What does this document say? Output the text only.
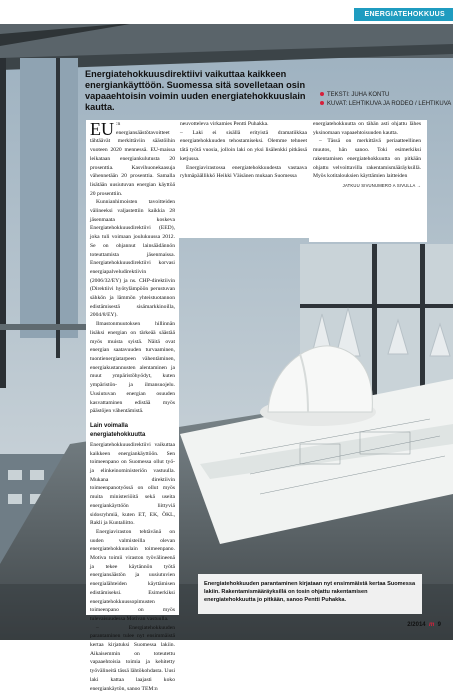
ENERGIATEHOKKUUS
Energiatehokkuusdirektiivi vaikuttaa kaikkeen energiankäyttöön. Suomessa sitä sovelletaan osin vapaaehtoisin voimin uuden energiatehokkuuslain kautta.
TEKSTI: JUHA KONTU
KUVAT: LEHTIKUVA JA RODEO / LEHTIKUVA

EU :n energiansäästötavoitteet tähtäävät merkittäviin säästöihin vuoteen 2020 mennessä. EU-maissa leikataan energiankulutusta 20 prosenttia. Kasvihuonekaasuja vähennetään 20 prosenttia. Samalla lisätään uusiutuvan energian käyttöä 20 prosenttiin.

Kunnianhimoisten tavoitteiden välineeksi valjastettiin kaikkia 28 jäsenmaata koskeva Energiatehokkuusdirektiivi (EED), joka tuli voimaan joulukuussa 2012. Se on ohjannut lainsäädännön toteuttamista jäsenmaissa. Energiatehokkuusdirektiivi korvasi energiapalveludirektiivin (2006/32/EY) ja ns. CHP-direktiivin (Direktiivi hyötylämpöön perustuvan sähkön ja lämmön yhteistuotannon edistämisestä sisämarkkinoilla, 2004/8/EY).

Ilmastonmuutoksen hillinnän lisäksi energian on tärkeää säästää myös muista syistä. Näitä ovat energian saatavuuden turvaaminen, tuontienergiatarpeen vähentäminen, energiakustannusten alentaminen ja muut ympäristöhyödyt, kuten ympäristön- ja ilmansuojelu. Uusiutuvan energian osuuden kasvattaminen edistää myös päästöjen vähentämistä.

Lain voimalla energiatehokkuutta

Energiatehokkuusdirektiivi vaikuttaa kaikkeen energiankäyttöön. Sen toimeenpano on Suomessa ollut työ- ja elinkeinoministeriön vastuulla. Mukana direktiivin toimeenpanotyössä on ollut myös muita ministeriöitä sekä useita energiankäyttöön liittyviä sidosryhmiä, kuten ET, EK, ÖKL, Rakli ja Kuntaliitto.

Energiaviraston tehtävänä on uuden valmisteilla olevan energiatehokkuuslain toimeenpano. Motiva toimii viraston työvälineenä ja tekee käytännön työtä energiansäästön ja uusiutuvien energialähteiden käyttämisen edistämiseksi. Esimerkiksi energiatehokkuussopimusten toimeenpano on myös tulevaisuudessa Motivan vastuulla.

– Energiatehokkuuden parantaminen tulee nyt ensimmäistä kertaa kirjatuksi Suomessa lakiin. Aikaisemmin on toteutettu vapaaehtoisia toimia ja kehitetty työvälineitä tässä lähtökohdasta. Uusi laki kattaa laajasti koko energiankäytön, sanoo TEM:n

neuvotteleva virkamies Pentti Puhakka.

– Laki ei sisällä erityistä dramatiikkaa energiatehokkuuden tehostamiseksi. Olemme tehneet tätä työtä vuosia, jolloin laki on yksi lisälenkki pitkässä ketjussa.

Energiavirastossa energiatehokkuudesta vastaava ryhmäpäällikkö Heikki Väisänen mukaan Suomessa

energiatehokkuutta on tähän asti ohjattu lähes yksinomaan vapaaehtoisuuden kautta.

– Tässä on merkittävä periaatteellinen muutos, hän sanoo. Toki esimerkiksi rakentamisen energiatehokkuutta on pitkään ohjattu velvoittavilla rakentamismääräyksillä. Myös kotitalouksien käyttämien laitteiden

JATKUU SIVUNUMERO A SIVULLA →
Energiatehokkuuden parantaminen kirjataan nyt ensimmäistä kertaa Suomessa lakiin. Rakentamismääräyksillä on tosin ohjattu rakentamisen energiatehokkuutta jo pitkään, sanoo Pentti Puhakka.
2/2014 m 9
